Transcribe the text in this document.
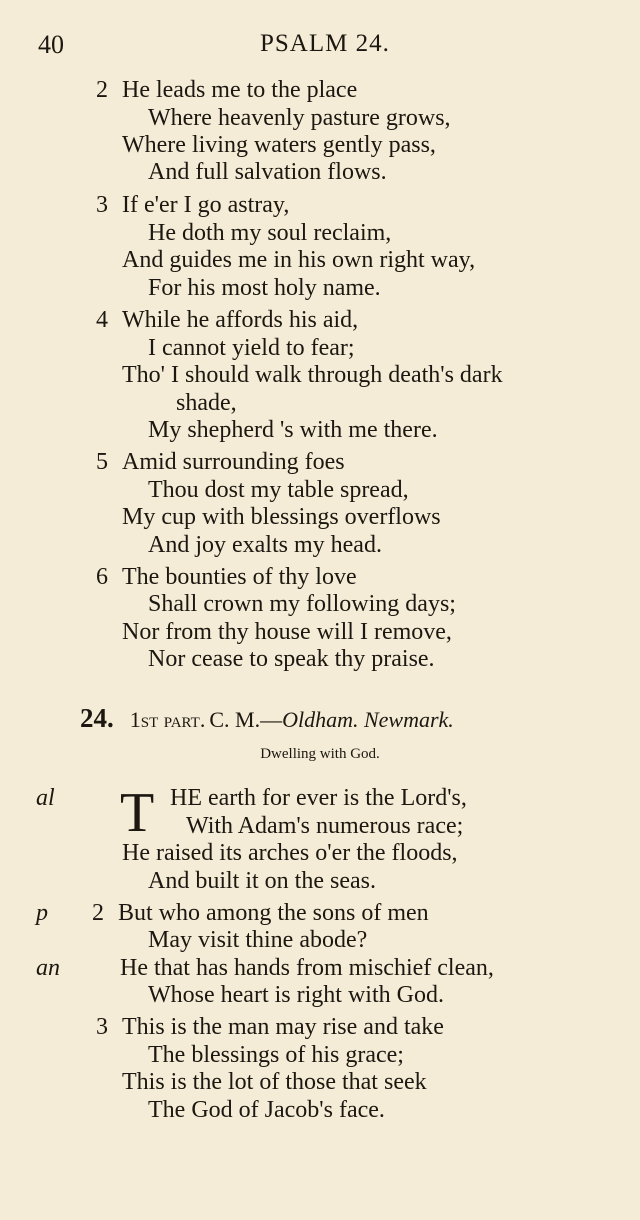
40	PSALM 24.
2 He leads me to the place
Where heavenly pasture grows,
Where living waters gently pass,
And full salvation flows.
3 If e'er I go astray,
He doth my soul reclaim,
And guides me in his own right way,
For his most holy name.
4 While he affords his aid,
I cannot yield to fear;
Tho' I should walk through death's dark
shade,
My shepherd 's with me there.
5 Amid surrounding foes
Thou dost my table spread,
My cup with blessings overflows
And joy exalts my head.
6 The bounties of thy love
Shall crown my following days;
Nor from thy house will I remove,
Nor cease to speak thy praise.
24. 1st part. C. M.—Oldham. Newmark.
Dwelling with God.
al
p
an
T HE earth for ever is the Lord's,
With Adam's numerous race;
He raised its arches o'er the floods,
And built it on the seas.
2 But who among the sons of men
May visit thine abode?
He that has hands from mischief clean,
Whose heart is right with God.
3 This is the man may rise and take
The blessings of his grace;
This is the lot of those that seek
The God of Jacob's face.
